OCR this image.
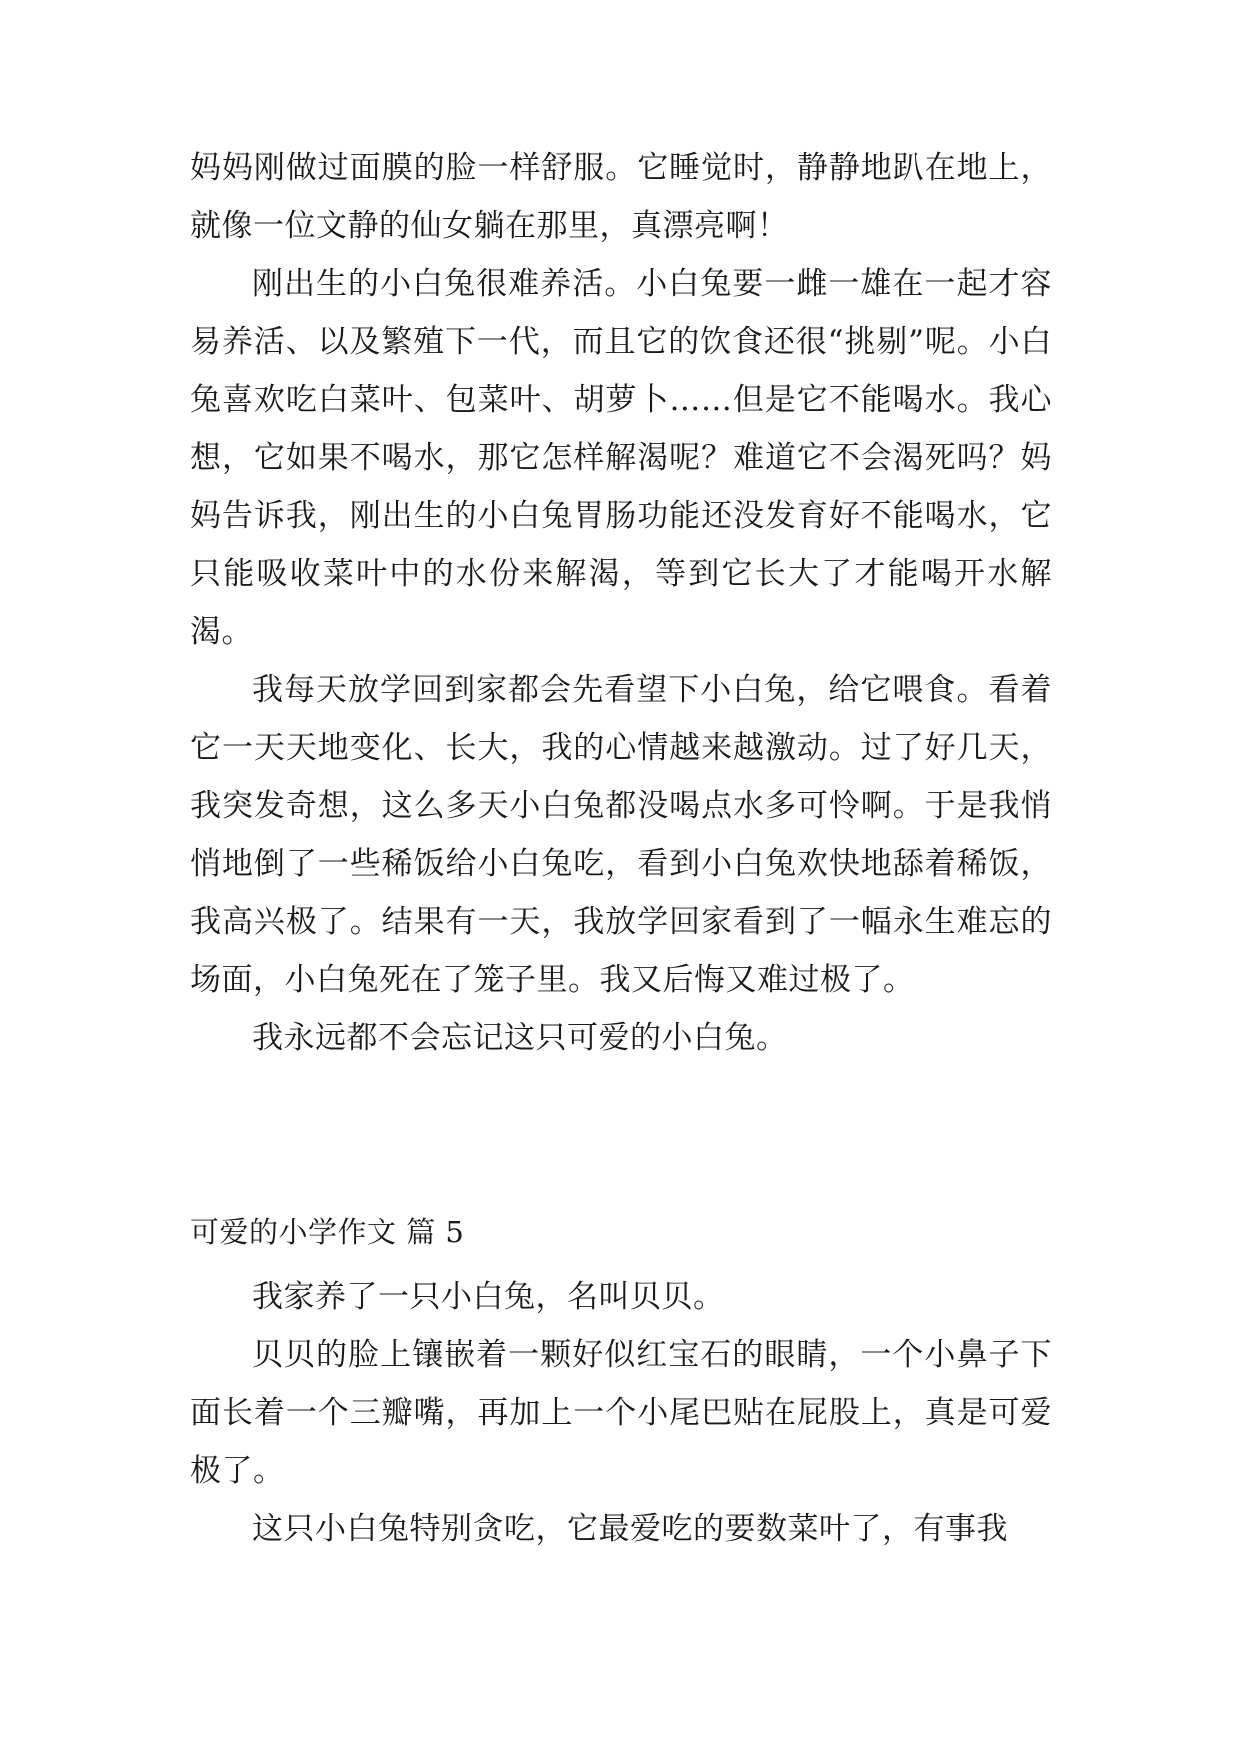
妈妈刚做过面膜的脸一样舒服。它睡觉时，静静地趴在地上，就像一位文静的仙女躺在那里，真漂亮啊！

刚出生的小白兔很难养活。小白兔要一雌一雄在一起才容易养活、以及繁殖下一代，而且它的饮食还很“挑剔”呢。小白兔喜欢吃白菜叶、包菜叶、胡萝卜……但是它不能喝水。我心想，它如果不喝水，那它怎样解渴呢？难道它不会渴死吗？妈妈告诉我，刚出生的小白兔胃肠功能还没发育好不能喝水，它只能吸收菜叶中的水份来解渴，等到它长大了才能喝开水解渴。

我每天放学回到家都会先看望下小白兔，给它喂食。看着它一天天地变化、长大，我的心情越来越激动。过了好几天，我突发奇想，这么多天小白兔都没喝点水多可怜啊。于是我悄悄地倒了一些稀饭给小白兔吃，看到小白兔欢快地舔着稀饭，我高兴极了。结果有一天，我放学回家看到了一幅永生难忘的场面，小白兔死在了笼子里。我又后悔又难过极了。

我永远都不会忘记这只可爱的小白兔。

可爱的小学作文 篇 5

我家养了一只小白兔，名叫贝贝。

贝贝的脸上镶嵌着一颗好似红宝石的眼睛，一个小鼻子下面长着一个三瓣嘴，再加上一个小尾巴贴在屁股上，真是可爱极了。

这只小白兔特别贪吃，它最爱吃的要数菜叶了，有事我
